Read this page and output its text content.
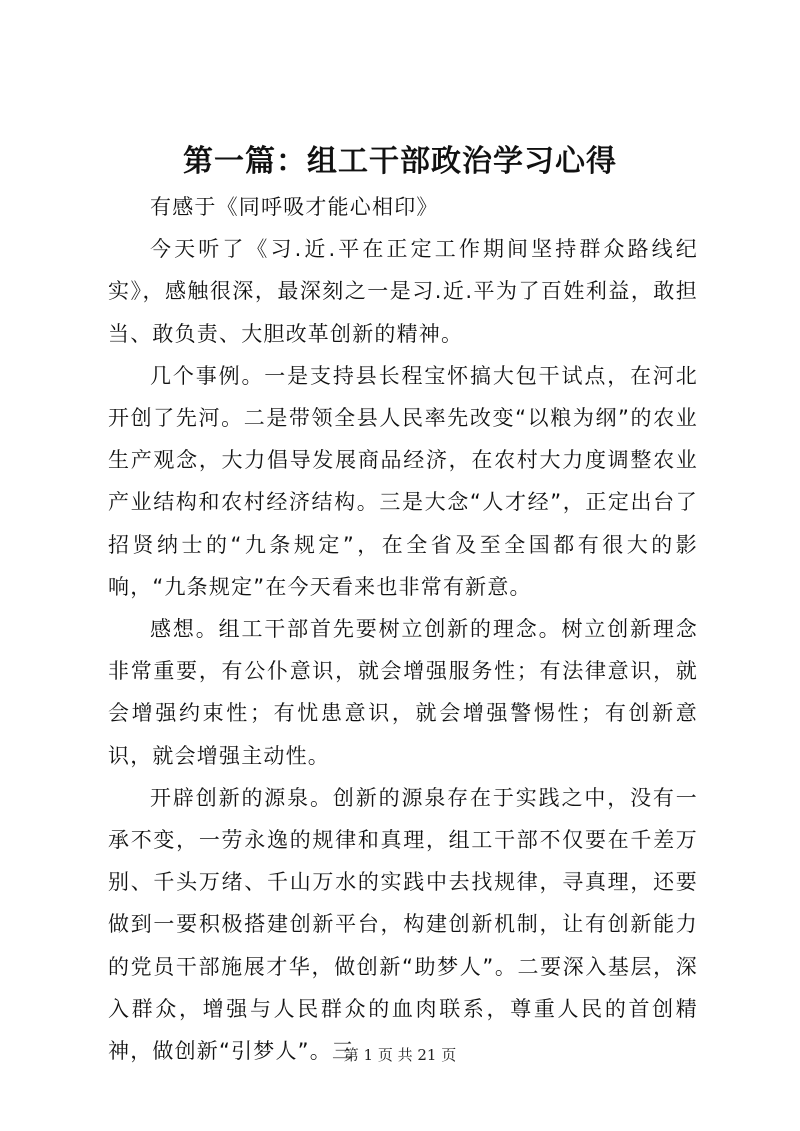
第一篇：组工干部政治学习心得

有感于《同呼吸才能心相印》

今天听了《习.近.平在正定工作期间坚持群众路线纪实》，感触很深，最深刻之一是习.近.平为了百姓利益，敢担当、敢负责、大胆改革创新的精神。

几个事例。一是支持县长程宝怀搞大包干试点，在河北开创了先河。二是带领全县人民率先改变“以粮为纲”的农业生产观念，大力倡导发展商品经济，在农村大力度调整农业产业结构和农村经济结构。三是大念“人才经”，正定出台了招贤纳士的“九条规定”，在全省及至全国都有很大的影响，“九条规定”在今天看来也非常有新意。

感想。组工干部首先要树立创新的理念。树立创新理念非常重要，有公仆意识，就会增强服务性；有法律意识，就会增强约束性；有忧患意识，就会增强警惕性；有创新意识，就会增强主动性。

开辟创新的源泉。创新的源泉存在于实践之中，没有一承不变，一劳永逸的规律和真理，组工干部不仅要在千差万别、千头万绪、千山万水的实践中去找规律，寻真理，还要做到一要积极搭建创新平台，构建创新机制，让有创新能力的党员干部施展才华，做创新“助梦人”。二要深入基层，深入群众，增强与人民群众的血肉联系，尊重人民的首创精神，做创新“引梦人”。三

第 1 页 共 21 页
